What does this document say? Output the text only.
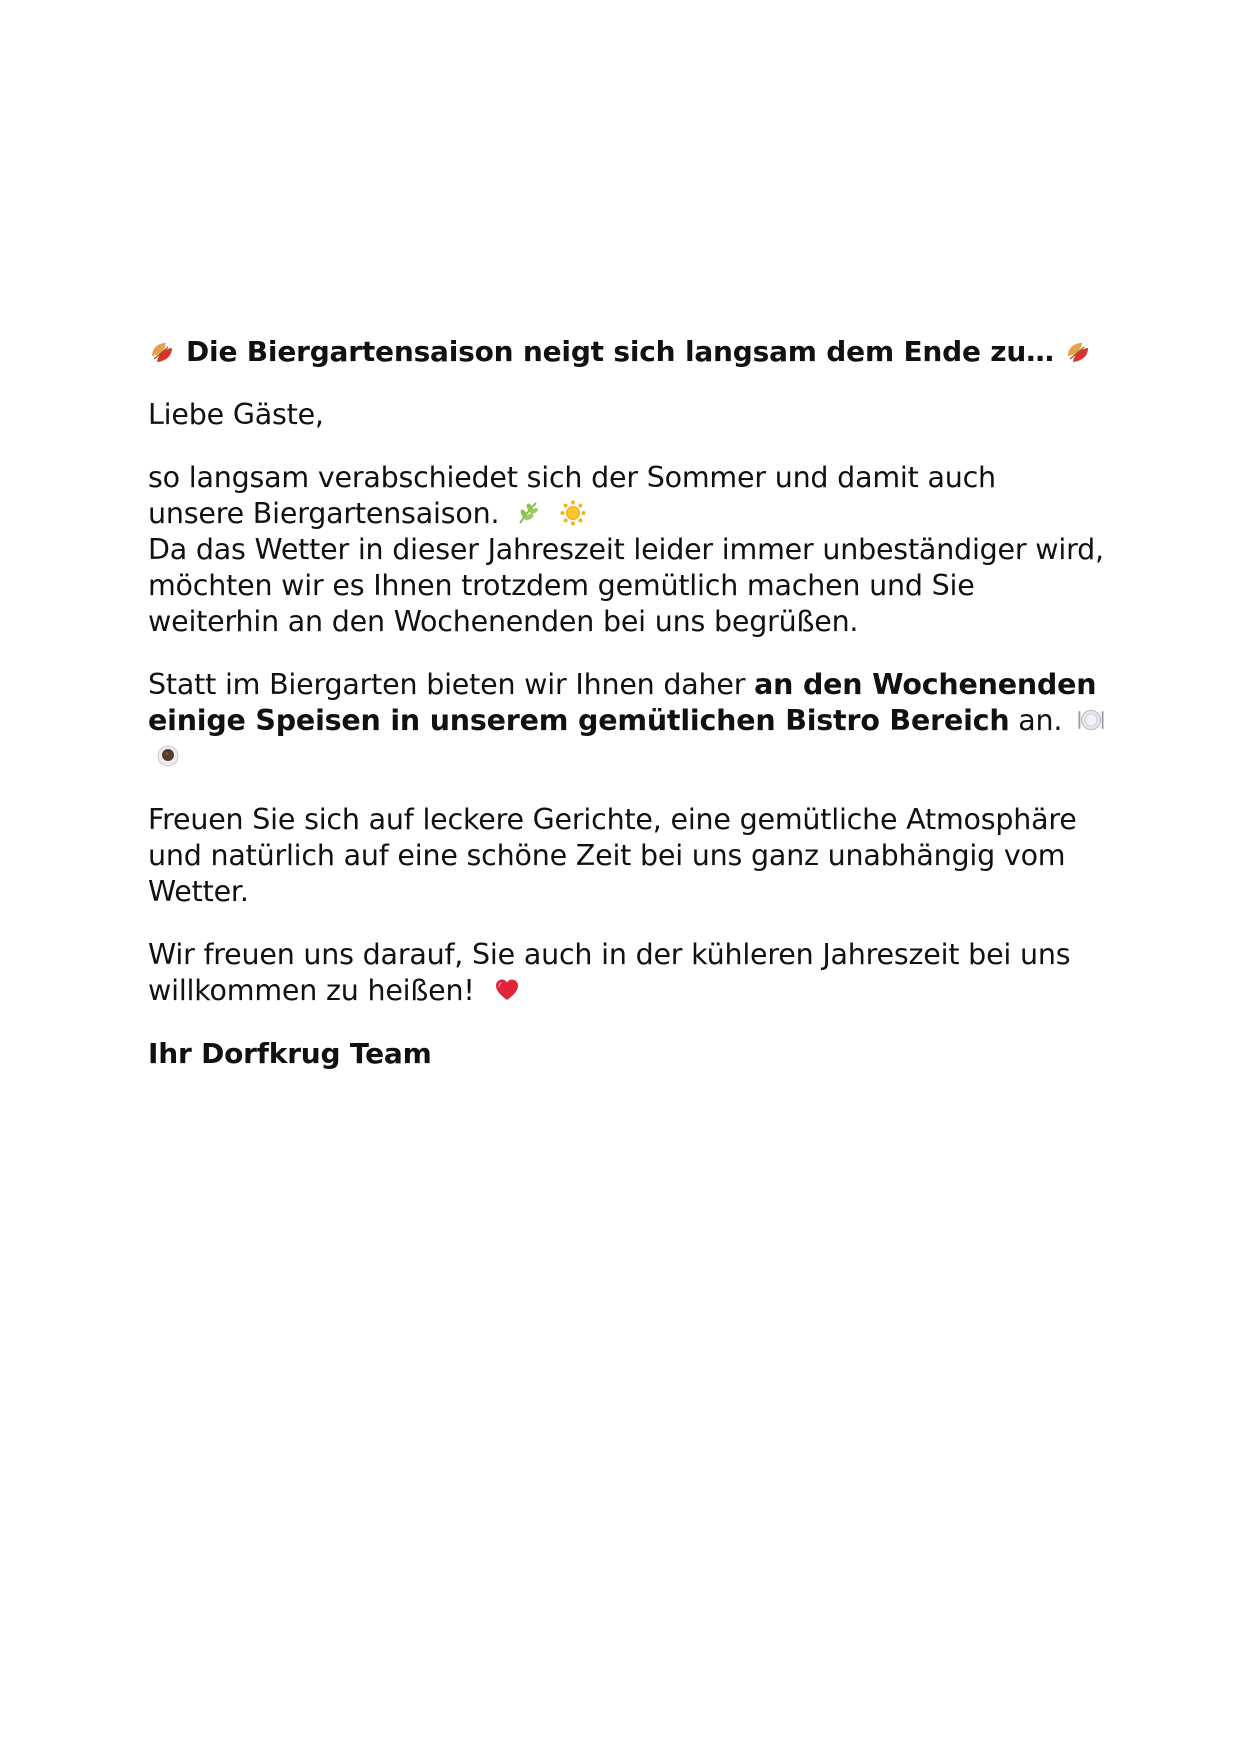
Die Biergartensaison neigt sich langsam dem Ende zu…

Liebe Gäste,

so langsam verabschiedet sich der Sommer und damit auch
unsere Biergartensaison.

Da das Wetter in dieser Jahreszeit leider immer unbeständiger wird, möchten wir es Ihnen trotzdem gemütlich machen und Sie weiterhin an den Wochenenden bei uns begrüßen.

Statt im Biergarten bieten wir Ihnen daher an den Wochenenden einige Speisen in unserem gemütlichen Bistro Bereich an.

Freuen Sie sich auf leckere Gerichte, eine gemütliche Atmosphäre und natürlich auf eine schöne Zeit bei uns ganz unabhängig vom Wetter.

Wir freuen uns darauf, Sie auch in der kühleren Jahreszeit bei uns
willkommen zu heißen!

Ihr Dorfkrug Team
